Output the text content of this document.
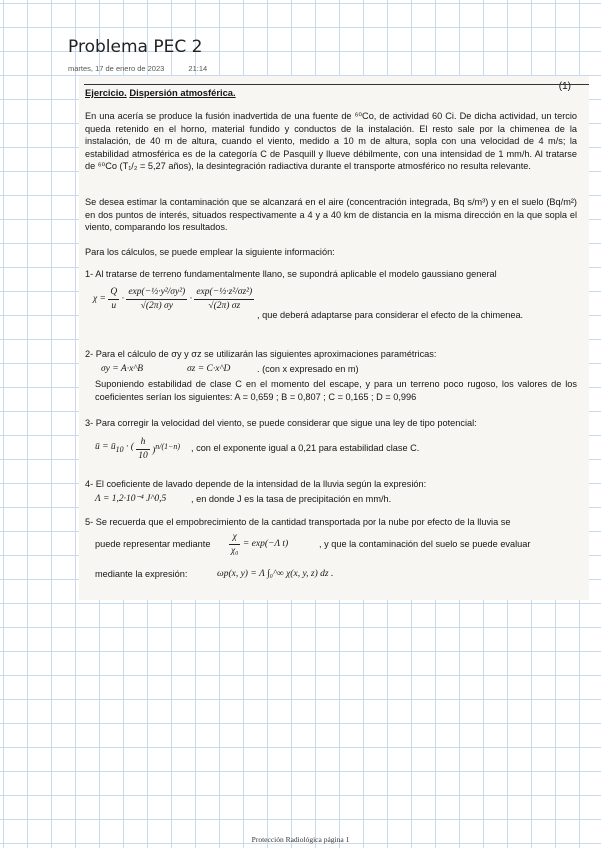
Problema PEC 2
martes, 17 de enero de 2023	21:14
(1)
Ejercicio. Dispersión atmosférica.
En una acería se produce la fusión inadvertida de una fuente de ⁶⁰Co, de actividad 60 Ci. De dicha actividad, un tercio queda retenido en el horno, material fundido y conductos de la instalación. El resto sale por la chimenea de la instalación, de 40 m de altura, cuando el viento, medido a 10 m de altura, sopla con una velocidad de 4 m/s; la estabilidad atmosférica es de la categoría C de Pasquill y llueve débilmente, con una intensidad de 1 mm/h. Al tratarse de ⁶⁰Co (T₁/₂ = 5,27 años), la desintegración radiactiva durante el transporte atmosférico no resulta relevante.
Se desea estimar la contaminación que se alcanzará en el aire (concentración integrada, Bq s/m³) y en el suelo (Bq/m²) en dos puntos de interés, situados respectivamente a 4 y a 40 km de distancia en la misma dirección en la que sopla el viento, comparando los resultados.
Para los cálculos, se puede emplear la siguiente información:
1- Al tratarse de terreno fundamentalmente llano, se supondrá aplicable el modelo gaussiano general
$\chi = \frac{Q}{u} \cdot \frac{\text{exp(−½·y²/σy²)}}{√(2\pi) \sigma y} \cdot \frac{\text{exp(−½·z²/σz²)}}{√(2\pi) \sigma z}$
, que deberá adaptarse para considerar el efecto de la chimenea.
2- Para el cálculo de σy y σz se utilizarán las siguientes aproximaciones paramétricas:
σy = A·x^B	σz = C·x^D	. (con x expresado en m)
Suponiendo estabilidad de clase C en el momento del escape, y para un terreno poco rugoso, los valores de los coeficientes serían los siguientes: A = 0,659 ; B = 0,807 ; C = 0,165 ; D = 0,996
3- Para corregir la velocidad del viento, se puede considerar que sigue una ley de tipo potencial:
ū = $ū_{10}$ · ( $\frac{h}{10} )^{n/(1-n)}$ , con el exponente igual a 0,21 para estabilidad clase C.
4- El coeficiente de lavado depende de la intensidad de la lluvia según la expresión:
Λ = 1,2·10⁻⁴ J^0,5	, en donde J es la tasa de precipitación en mm/h.
5- Se recuerda que el empobrecimiento de la cantidad transportada por la nube por efecto de la lluvia se
puede representar mediante	$\frac{\chi}{\text{χ₀}} = \exp(-\Lambda$ t)	, y que la contaminación del suelo se puede evaluar
mediante la expresión:	ωp(x, y) = Λ ∫₀^∞ χ(x, y, z) dz .
Protección Radiológica página 1
